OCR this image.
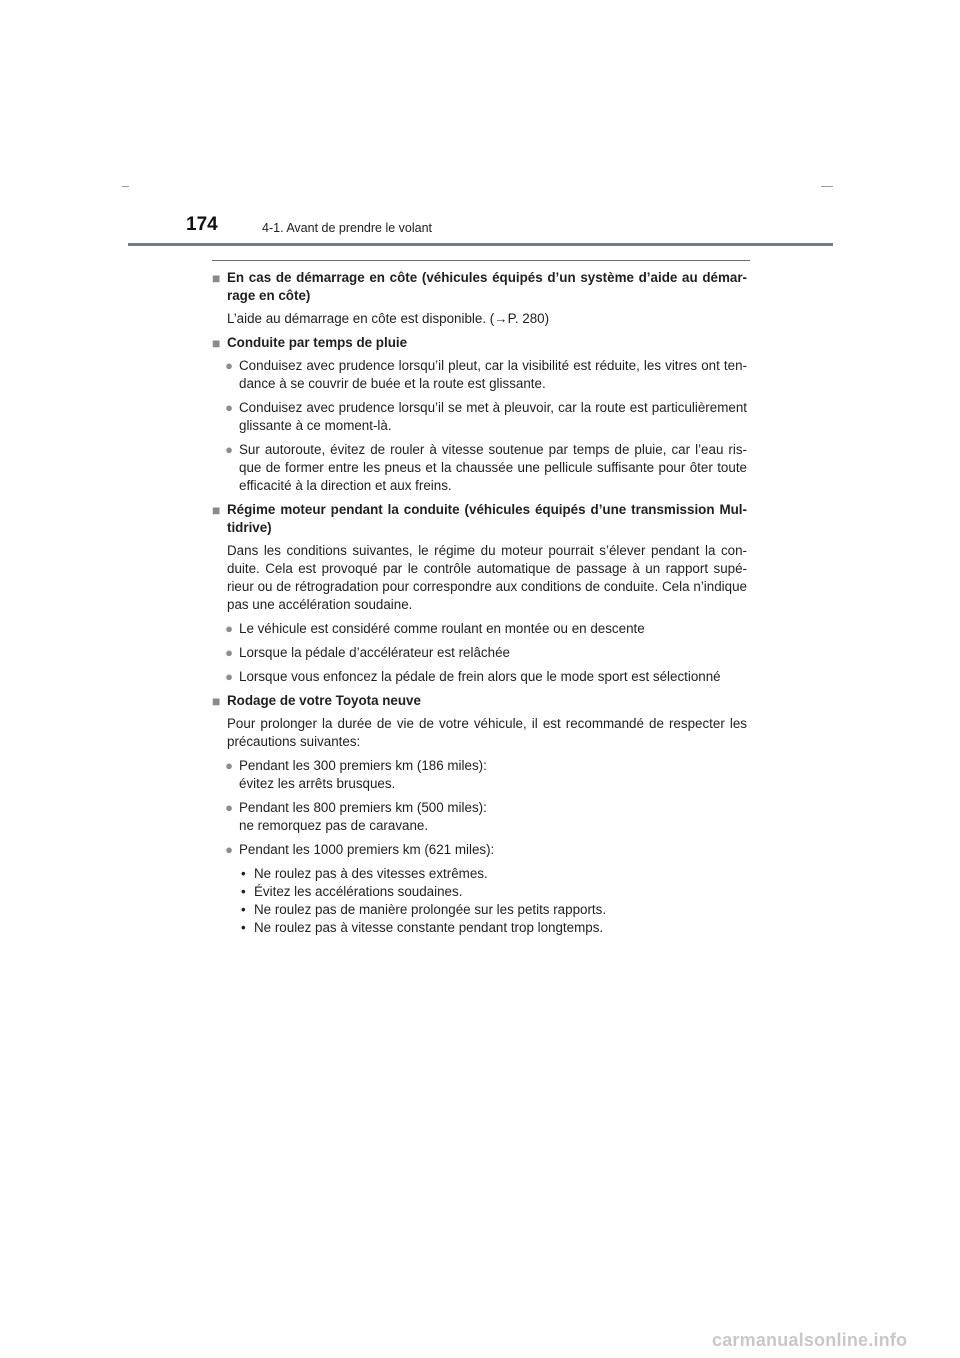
174	4-1. Avant de prendre le volant
■ En cas de démarrage en côte (véhicules équipés d’un système d’aide au démar-rage en côte)
L’aide au démarrage en côte est disponible. (→P. 280)
■ Conduite par temps de pluie
● Conduisez avec prudence lorsqu’il pleut, car la visibilité est réduite, les vitres ont ten-dance à se couvrir de buée et la route est glissante.
● Conduisez avec prudence lorsqu’il se met à pleuvoir, car la route est particulièrement glissante à ce moment-là.
● Sur autoroute, évitez de rouler à vitesse soutenue par temps de pluie, car l’eau ris-que de former entre les pneus et la chaussée une pellicule suffisante pour ôter toute efficacité à la direction et aux freins.
■ Régime moteur pendant la conduite (véhicules équipés d’une transmission Mul-tidrive)
Dans les conditions suivantes, le régime du moteur pourrait s’élever pendant la con-duite. Cela est provoqué par le contrôle automatique de passage à un rapport supé-rieur ou de rétrogradation pour correspondre aux conditions de conduite. Cela n’indique pas une accélération soudaine.
● Le véhicule est considéré comme roulant en montée ou en descente
● Lorsque la pédale d’accélérateur est relâchée
● Lorsque vous enfoncez la pédale de frein alors que le mode sport est sélectionné
■ Rodage de votre Toyota neuve
Pour prolonger la durée de vie de votre véhicule, il est recommandé de respecter les précautions suivantes:
● Pendant les 300 premiers km (186 miles):
évitez les arrêts brusques.
● Pendant les 800 premiers km (500 miles):
ne remorquez pas de caravane.
● Pendant les 1000 premiers km (621 miles):
• Ne roulez pas à des vitesses extrêmes.
• Évitez les accélérations soudaines.
• Ne roulez pas de manière prolongée sur les petits rapports.
• Ne roulez pas à vitesse constante pendant trop longtemps.
carmanualsonline.info
